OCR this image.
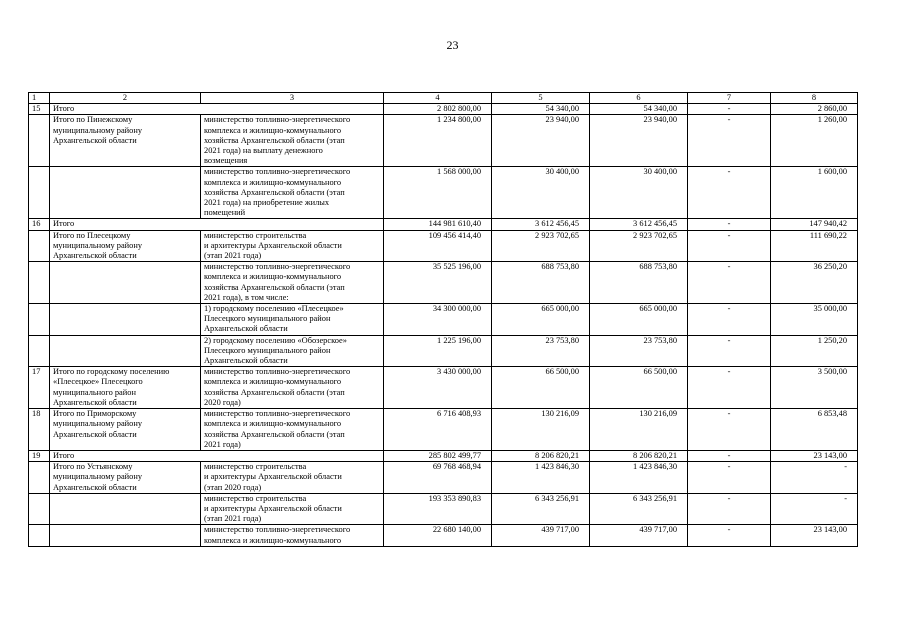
23
1	2	3	4	5	6	7	8
15	Итого		2 802 800,00	54 340,00	54 340,00	-	2 860,00
	Итого по Пинежскому
муниципальному району
Архангельской области	министерство топливно-энергетического
комплекса и жилищно-коммунального
хозяйства Архангельской области (этап
2021 года) на выплату денежного
возмещения	1 234 800,00	23 940,00	23 940,00	-	1 260,00
		министерство топливно-энергетического
комплекса и жилищно-коммунального
хозяйства Архангельской области (этап
2021 года) на приобретение жилых
помещений	1 568 000,00	30 400,00	30 400,00	-	1 600,00
16	Итого		144 981 610,40	3 612 456,45	3 612 456,45	-	147 940,42
	Итого по Плесецкому
муниципальному району
Архангельской области	министерство строительства
и архитектуры Архангельской области
(этап 2021 года)	109 456 414,40	2 923 702,65	2 923 702,65	-	111 690,22
		министерство топливно-энергетического
комплекса и жилищно-коммунального
хозяйства Архангельской области (этап
2021 года), в том числе:	35 525 196,00	688 753,80	688 753,80	-	36 250,20
		1) городскому поселению «Плесецкое»
Плесецкого муниципального район
Архангельской области	34 300 000,00	665 000,00	665 000,00	-	35 000,00
		2) городскому поселению «Обозерское»
Плесецкого муниципального район
Архангельской области	1 225 196,00	23 753,80	23 753,80	-	1 250,20
17	Итого по городскому поселению
«Плесецкое» Плесецкого
муниципального район
Архангельской области	министерство топливно-энергетического
комплекса и жилищно-коммунального
хозяйства Архангельской области (этап
2020 года)	3 430 000,00	66 500,00	66 500,00	-	3 500,00
18	Итого по Приморскому
муниципальному району
Архангельской области	министерство топливно-энергетического
комплекса и жилищно-коммунального
хозяйства Архангельской области (этап
2021 года)	6 716 408,93	130 216,09	130 216,09	-	6 853,48
19	Итого		285 802 499,77	8 206 820,21	8 206 820,21	-	23 143,00
	Итого по Устьянскому
муниципальному району
Архангельской области	министерство строительства
и архитектуры Архангельской области
(этап 2020 года)	69 768 468,94	1 423 846,30	1 423 846,30	-	-
		министерство строительства
и архитектуры Архангельской области
(этап 2021 года)	193 353 890,83	6 343 256,91	6 343 256,91	-	-
		министерство топливно-энергетического
комплекса и жилищно-коммунального	22 680 140,00	439 717,00	439 717,00	-	23 143,00
